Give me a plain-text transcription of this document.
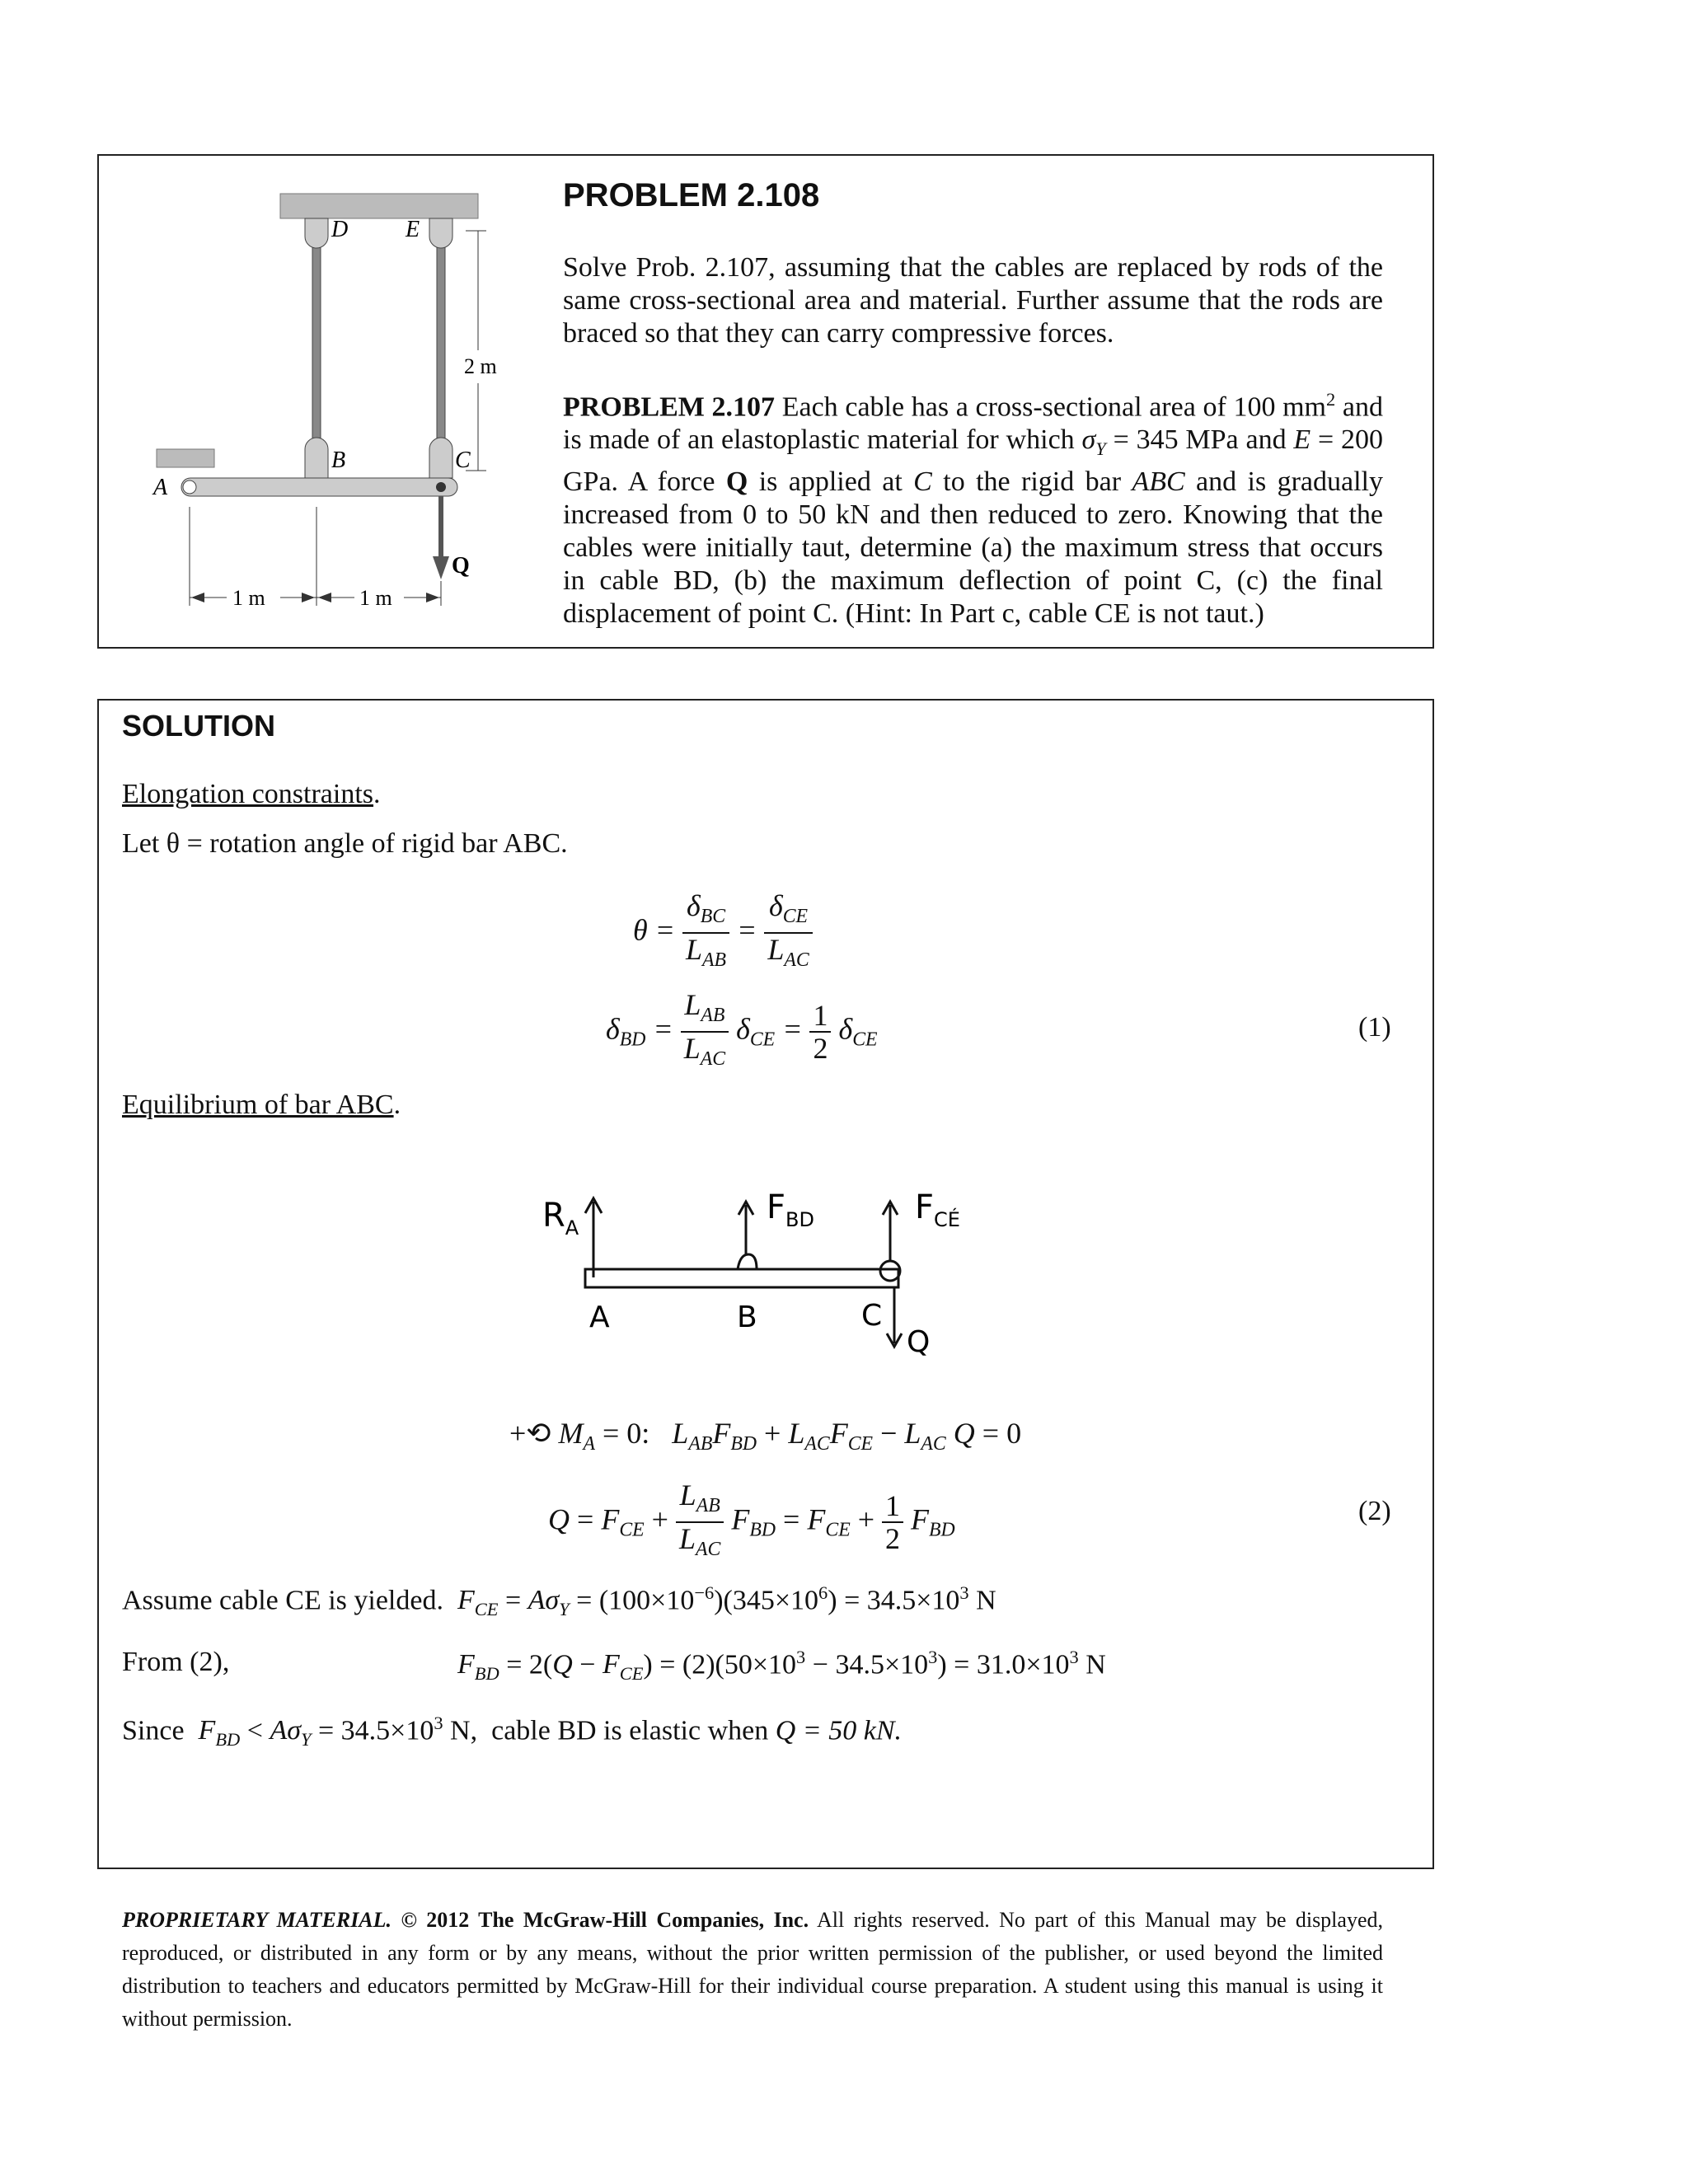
D E
B	C
A
Q
2 m
1 m	1 m
PROBLEM 2.108
Solve Prob. 2.107, assuming that the cables are replaced by rods of the same cross-sectional area and material. Further assume that the rods are braced so that they can carry compressive forces.
PROBLEM 2.107 Each cable has a cross-sectional area of 100 $mm^2$ and is made of an elastoplastic material for which $\sigma_Y = 345$ MPa and E = 200 GPa. A force Q is applied at C to the rigid bar ABC and is gradually increased from 0 to 50 kN and then reduced to zero. Knowing that the cables were initially taut, determine (a) the maximum stress that occurs in cable BD, (b) the maximum deflection of point C, (c) the final displacement of point C. (Hint: In Part c, cable CE is not taut.)
SOLUTION
Elongation constraints.
Let θ = rotation angle of rigid bar ABC.
$\theta = \frac{\delta_{BC}}{L_{AB}} = \frac{\delta_{CE}}{L_{AC}}$
$\delta_{BD} = \frac{L_{AB}}{L_{AC}} \delta_{CE} = \frac{1}{2} \delta_{CE}$	(1)
Equilibrium of bar ABC.
$R_A$
$F_{BD}$	$F_{CÉ}$
A	B	C
Q
+⟲ $M_A = 0$:   $L_{AB}F_{BD} + L_{AC}F_{CE} - L_{AC}$ Q = 0
$Q = F_{CE} + \frac{L_{AB}}{L_{AC}} F_{BD} = F_{CE} + \frac{1}{2} F_{BD}$
(2)
Assume cable CE is yielded.  $F_{CE} = A\sigma_Y = (100\times 10^{-6})(345\times 10^6) = 34.5\times 10^3$ N
From (2),	$F_{BD} = 2(Q - F_{CE}) = (2)(50\times 10^3 - 34.5\times 10^3) = 31.0\times 10^3$ N
Since  $F_{BD} < A\sigma_Y = 34.5\times 10^3$ N,  cable BD is elastic when Q = 50 kN.
PROPRIETARY MATERIAL. © 2012 The McGraw-Hill Companies, Inc. All rights reserved. No part of this Manual may be displayed, reproduced, or distributed in any form or by any means, without the prior written permission of the publisher, or used beyond the limited distribution to teachers and educators permitted by McGraw-Hill for their individual course preparation. A student using this manual is using it without permission.
